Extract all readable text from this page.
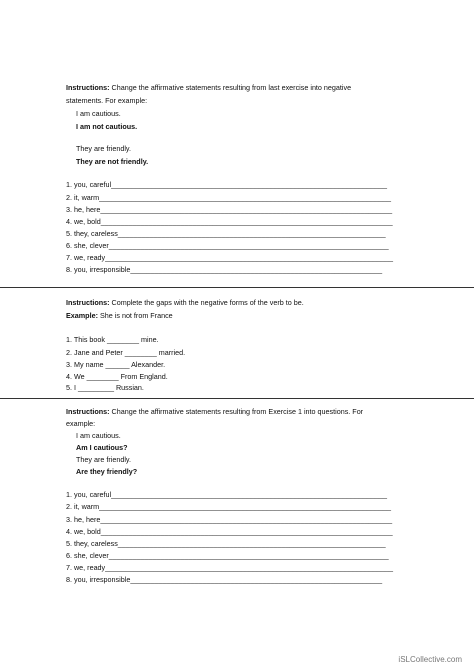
Instructions: Change the affirmative statements resulting from last exercise into negative
statements. For example:
I am cautious.
I am not cautious.
They are friendly.
They are not friendly.
1. you, careful_____________________________________________________________________
2. it, warm_________________________________________________________________________
3. he, here_________________________________________________________________________
4. we, bold_________________________________________________________________________
5. they, careless___________________________________________________________________
6. she, clever______________________________________________________________________
7. we, ready________________________________________________________________________
8. you, irresponsible_______________________________________________________________
Instructions: Complete the gaps with the negative forms of the verb to be.
Example: She is not from France
1. This book ________ mine.
2. Jane and Peter ________ married.
3. My name ______ Alexander.
4. We ________ From England.
5. I _________ Russian.
Instructions: Change the affirmative statements resulting from Exercise 1 into questions. For
example:
I am cautious.
Am I cautious?
They are friendly.
Are they friendly?
1. you, careful_____________________________________________________________________
2. it, warm_________________________________________________________________________
3. he, here_________________________________________________________________________
4. we, bold_________________________________________________________________________
5. they, careless___________________________________________________________________
6. she, clever______________________________________________________________________
7. we, ready________________________________________________________________________
8. you, irresponsible_______________________________________________________________
iSLCollective.com
